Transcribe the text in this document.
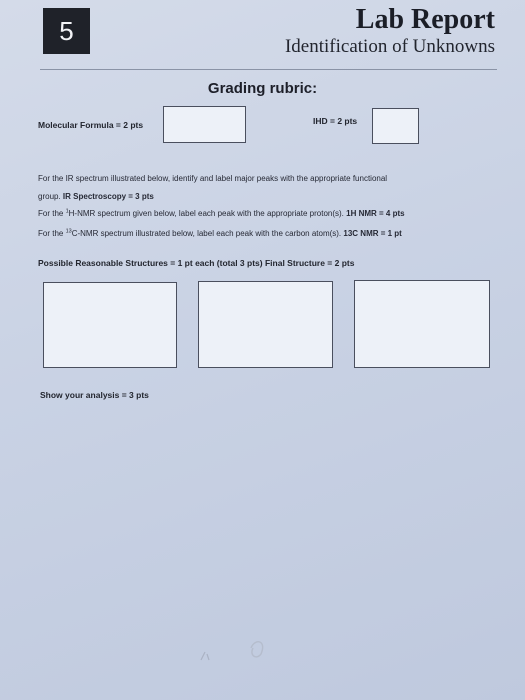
5	Lab Report
Identification of Unknowns
Grading rubric:
Molecular Formula = 2 pts	IHD = 2 pts
For the IR spectrum illustrated below, identify and label major peaks with the appropriate functional
group. IR Spectroscopy = 3 pts
For the $^1$H-NMR spectrum given below, label each peak with the appropriate proton(s). 1H NMR = 4 pts
For the $^{13}$C-NMR spectrum illustrated below, label each peak with the carbon atom(s). 13C NMR = 1 pt
Possible Reasonable Structures = 1 pt each (total 3 pts) Final Structure = 2 pts
Show your analysis = 3 pts
